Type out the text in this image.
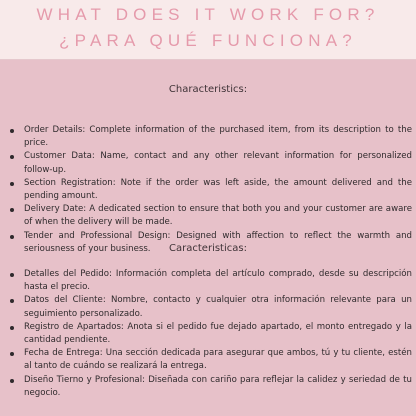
WHAT DOES IT WORK FOR?
¿PARA QUÉ FUNCIONA?
Characteristics:
Order Details: Complete information of the purchased item, from its description to the price.
Customer Data: Name, contact and any other relevant information for personalized follow-up.
Section Registration: Note if the order was left aside, the amount delivered and the pending amount.
Delivery Date: A dedicated section to ensure that both you and your customer are aware of when the delivery will be made.
Tender and Professional Design: Designed with affection to reflect the warmth and seriousness of your business.	Caracteristicas:
Detalles del Pedido: Información completa del artículo comprado, desde su descripción hasta el precio.
Datos del Cliente: Nombre, contacto y cualquier otra información relevante para un seguimiento personalizado.
Registro de Apartados: Anota si el pedido fue dejado apartado, el monto entregado y la cantidad pendiente.
Fecha de Entrega: Una sección dedicada para asegurar que ambos, tú y tu cliente, estén al tanto de cuándo se realizará la entrega.
Diseño Tierno y Profesional: Diseñada con cariño para reflejar la calidez y seriedad de tu negocio.
